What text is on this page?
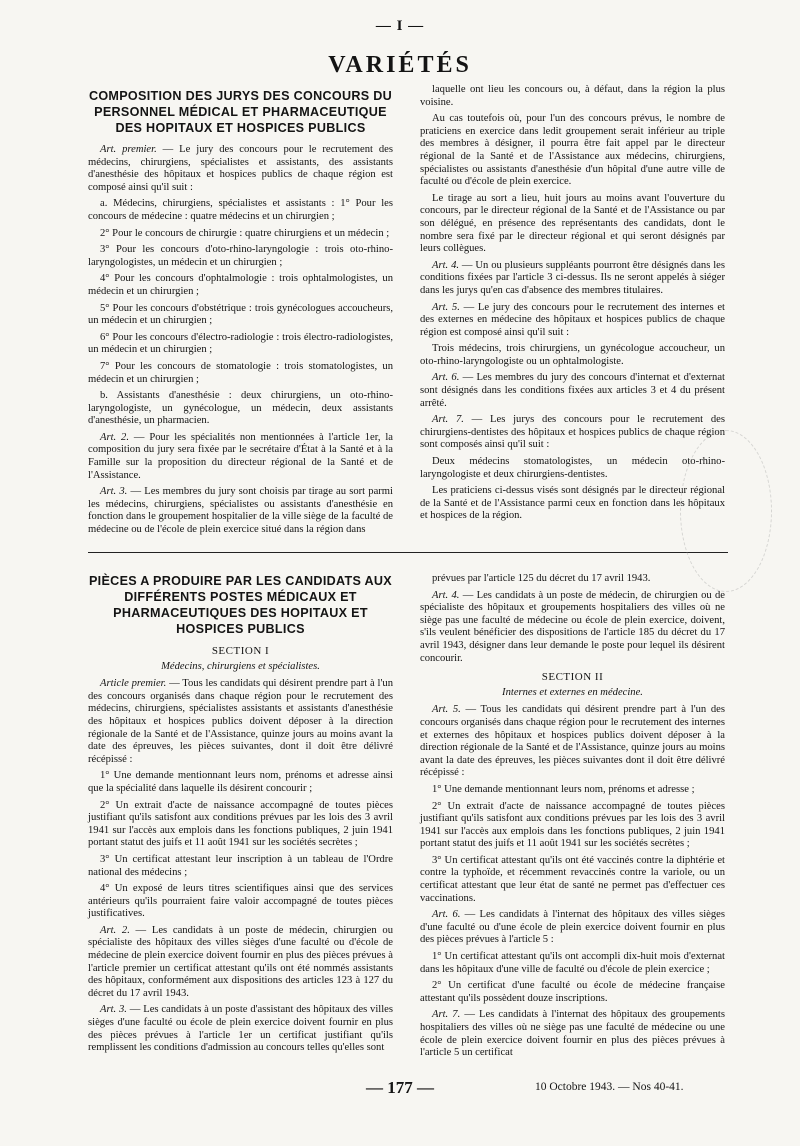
— I —
VARIÉTÉS
COMPOSITION DES JURYS DES CONCOURS DU PERSONNEL MÉDICAL ET PHARMACEUTIQUE DES HOPITAUX ET HOSPICES PUBLICS

Art. premier. — Le jury des concours pour le recrutement des médecins, chirurgiens, spécialistes et assistants, des assistants d'anesthésie des hôpitaux et hospices publics de chaque région est composé ainsi qu'il suit :

a. Médecins, chirurgiens, spécialistes et assistants : 1° Pour les concours de médecine : quatre médecins et un chirurgien ;

2° Pour le concours de chirurgie : quatre chirurgiens et un médecin ;

3° Pour les concours d'oto-rhino-laryngologie : trois oto-rhino-laryngologistes, un médecin et un chirurgien ;

4° Pour les concours d'ophtalmologie : trois ophtalmologistes, un médecin et un chirurgien ;

5° Pour les concours d'obstétrique : trois gynécologues accoucheurs, un médecin et un chirurgien ;

6° Pour les concours d'électro-radiologie : trois électro-radiologistes, un médecin et un chirurgien ;

7° Pour les concours de stomatologie : trois stomatologistes, un médecin et un chirurgien ;

b. Assistants d'anesthésie : deux chirurgiens, un oto-rhino-laryngologiste, un gynécologue, un médecin, deux assistants d'anesthésie, un pharmacien.

Art. 2. — Pour les spécialités non mentionnées à l'article 1er, la composition du jury sera fixée par le secrétaire d'État à la Santé et à la Famille sur la proposition du directeur régional de la Santé et de l'Assistance.

Art. 3. — Les membres du jury sont choisis par tirage au sort parmi les médecins, chirurgiens, spécialistes ou assistants d'anesthésie en fonction dans le groupement hospitalier de la ville siège de la faculté de médecine ou de l'école de plein exercice situé dans la région dans

laquelle ont lieu les concours ou, à défaut, dans la région la plus voisine.

Au cas toutefois où, pour l'un des concours prévus, le nombre de praticiens en exercice dans ledit groupement serait inférieur au triple des membres à désigner, il pourra être fait appel par le directeur régional de la Santé et de l'Assistance aux médecins, chirurgiens, spécialistes ou assistants d'anesthésie d'un hôpital d'une autre ville de faculté ou d'école de plein exercice.

Le tirage au sort a lieu, huit jours au moins avant l'ouverture du concours, par le directeur régional de la Santé et de l'Assistance ou par son délégué, en présence des représentants des candidats, dont le nombre sera fixé par le directeur régional et qui seront désignés par leurs collègues.

Art. 4. — Un ou plusieurs suppléants pourront être désignés dans les conditions fixées par l'article 3 ci-dessus. Ils ne seront appelés à siéger dans les jurys qu'en cas d'absence des membres titulaires.

Art. 5. — Le jury des concours pour le recrutement des internes et des externes en médecine des hôpitaux et hospices publics de chaque région est composé ainsi qu'il suit :

Trois médecins, trois chirurgiens, un gynécologue accoucheur, un oto-rhino-laryngologiste ou un ophtalmologiste.

Art. 6. — Les membres du jury des concours d'internat et d'externat sont désignés dans les conditions fixées aux articles 3 et 4 du présent arrêté.

Art. 7. — Les jurys des concours pour le recrutement des chirurgiens-dentistes des hôpitaux et hospices publics de chaque région sont composés ainsi qu'il suit :

Deux médecins stomatologistes, un médecin oto-rhino-laryngologiste et deux chirurgiens-dentistes.

Les praticiens ci-dessus visés sont désignés par le directeur régional de la Santé et de l'Assistance parmi ceux en fonction dans les hôpitaux et hospices de la région.

PIÈCES A PRODUIRE PAR LES CANDIDATS AUX DIFFÉRENTS POSTES MÉDICAUX ET PHARMACEUTIQUES DES HOPITAUX ET HOSPICES PUBLICS
SECTION I
Médecins, chirurgiens et spécialistes.

Article premier. — Tous les candidats qui désirent prendre part à l'un des concours organisés dans chaque région pour le recrutement des médecins, chirurgiens, spécialistes assistants et assistants d'anesthésie des hôpitaux et hospices publics doivent déposer à la direction régionale de la Santé et de l'Assistance, quinze jours au moins avant la date des épreuves, les pièces suivantes, dont il doit être délivré récépissé :

1° Une demande mentionnant leurs nom, prénoms et adresse ainsi que la spécialité dans laquelle ils désirent concourir ;

2° Un extrait d'acte de naissance accompagné de toutes pièces justifiant qu'ils satisfont aux conditions prévues par les lois des 3 avril 1941 sur l'accès aux emplois dans les fonctions publiques, 2 juin 1941 portant statut des juifs et 11 août 1941 sur les sociétés secrètes ;

3° Un certificat attestant leur inscription à un tableau de l'Ordre national des médecins ;

4° Un exposé de leurs titres scientifiques ainsi que des services antérieurs qu'ils pourraient faire valoir accompagné de toutes pièces justificatives.

Art. 2. — Les candidats à un poste de médecin, chirurgien ou spécialiste des hôpitaux des villes sièges d'une faculté ou d'école de médecine de plein exercice doivent fournir en plus des pièces prévues à l'article premier un certificat attestant qu'ils ont été nommés assistants des hôpitaux, conformément aux dispositions des articles 123 à 127 du décret du 17 avril 1943.

Art. 3. — Les candidats à un poste d'assistant des hôpitaux des villes sièges d'une faculté ou école de plein exercice doivent fournir en plus des pièces prévues à l'article 1er un certificat justifiant qu'ils remplissent les conditions d'admission au concours telles qu'elles sont

prévues par l'article 125 du décret du 17 avril 1943.

Art. 4. — Les candidats à un poste de médecin, de chirurgien ou de spécialiste des hôpitaux et groupements hospitaliers des villes où ne siège pas une faculté de médecine ou école de plein exercice, doivent, s'ils veulent bénéficier des dispositions de l'article 185 du décret du 17 avril 1943, désigner dans leur demande le poste pour lequel ils désirent concourir.

SECTION II
Internes et externes en médecine.

Art. 5. — Tous les candidats qui désirent prendre part à l'un des concours organisés dans chaque région pour le recrutement des internes et externes des hôpitaux et hospices publics doivent déposer à la direction régionale de la Santé et de l'Assistance, quinze jours au moins avant la date des épreuves, les pièces suivantes dont il doit être délivré récépissé :

1° Une demande mentionnant leurs nom, prénoms et adresse ;

2° Un extrait d'acte de naissance accompagné de toutes pièces justifiant qu'ils satisfont aux conditions prévues par les lois des 3 avril 1941 sur l'accès aux emplois dans les fonctions publiques, 2 juin 1941 portant statut des juifs et 11 août 1941 sur les sociétés secrètes ;

3° Un certificat attestant qu'ils ont été vaccinés contre la diphtérie et contre la typhoïde, et récemment revaccinés contre la variole, ou un certificat attestant que leur état de santé ne permet pas d'effectuer ces vaccinations.

Art. 6. — Les candidats à l'internat des hôpitaux des villes sièges d'une faculté ou d'une école de plein exercice doivent fournir en plus des pièces prévues à l'article 5 :

1° Un certificat attestant qu'ils ont accompli dix-huit mois d'externat dans les hôpitaux d'une ville de faculté ou d'école de plein exercice ;

2° Un certificat d'une faculté ou école de médecine française attestant qu'ils possèdent douze inscriptions.

Art. 7. — Les candidats à l'internat des hôpitaux des groupements hospitaliers des villes où ne siège pas une faculté de médecine ou une école de plein exercice doivent fournir en plus des pièces prévues à l'article 5 un certificat

— 177 —	10 Octobre 1943. — Nos 40-41.
